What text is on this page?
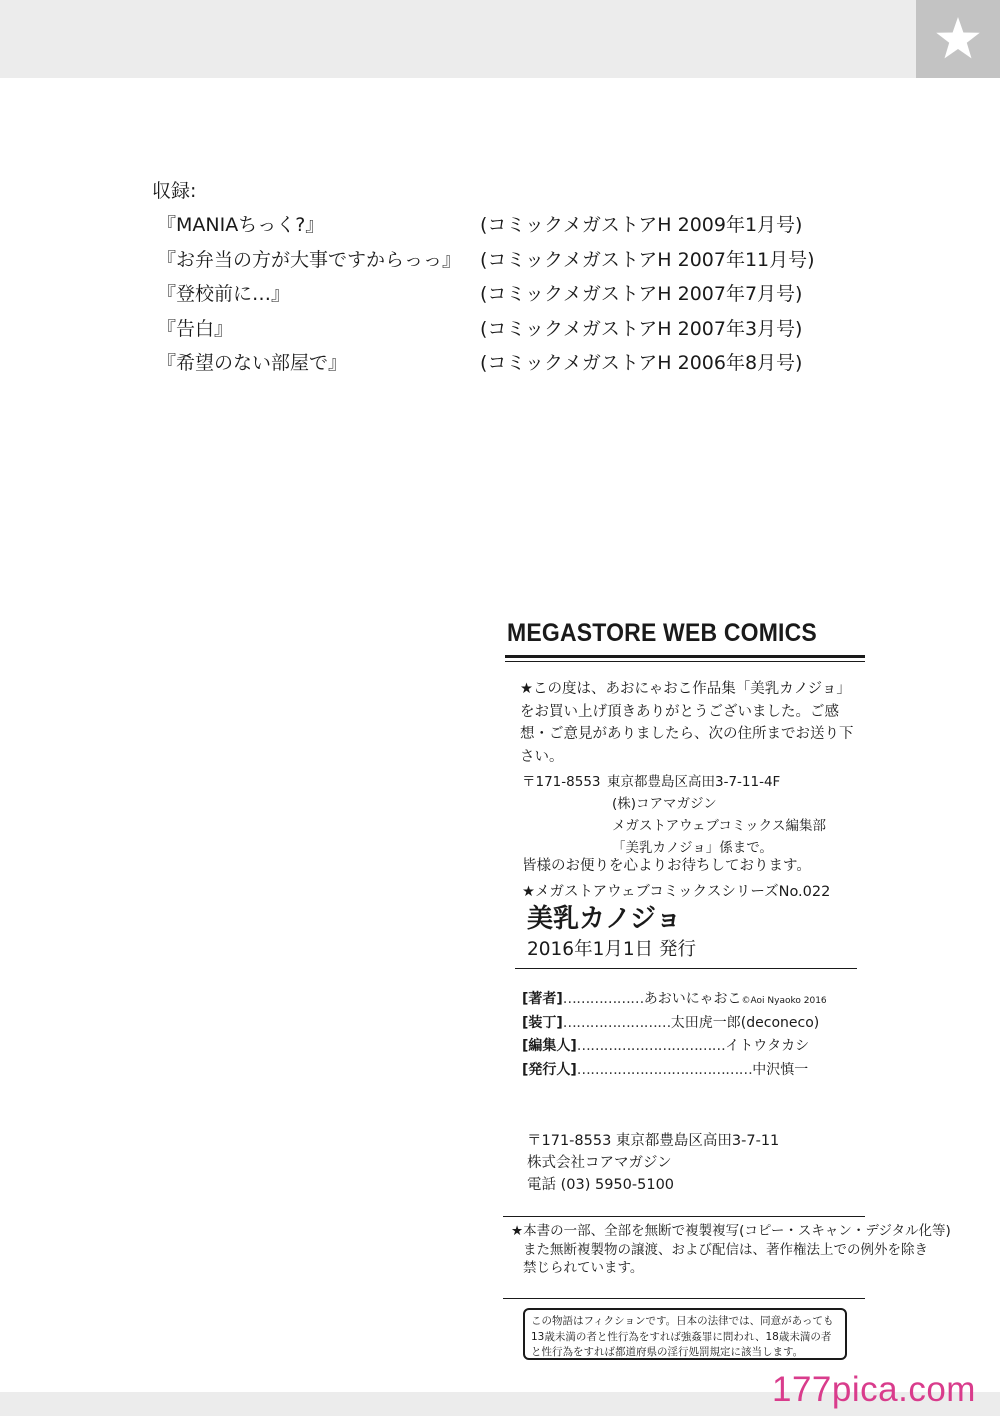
収録:
『MANIAちっく?』	(コミックメガストアH 2009年1月号)
『お弁当の方が大事ですからっっ』 (コミックメガストアH 2007年11月号)
『登校前に…』	(コミックメガストアH 2007年7月号)
『告白』	(コミックメガストアH 2007年3月号)
『希望のない部屋で』	(コミックメガストアH 2006年8月号)
MEGASTORE WEB COMICS
★この度は、あおにゃおこ作品集「美乳カノジョ」をお買い上げ頂きありがとうございました。ご感想・ご意見がありましたら、次の住所までお送り下さい。
〒171-8553 東京都豊島区高田3-7-11-4F
(株)コアマガジン
メガストアウェブコミックス編集部
「美乳カノジョ」係まで。
皆様のお便りを心よりお待ちしております。
★メガストアウェブコミックスシリーズNo.022
美乳カノジョ
2016年1月1日 発行
[著者]………………あおいにゃおこ©Aoi Nyaoko 2016
[装丁]……………………太田虎一郎(deconeco)
[編集人]……………………………イトウタカシ
[発行人]…………………………………中沢慎一
〒171-8553 東京都豊島区高田3-7-11
株式会社コアマガジン
電話 (03) 5950-5100
★本書の一部、全部を無断で複製複写(コピー・スキャン・デジタル化等)
また無断複製物の譲渡、および配信は、著作権法上での例外を除き
禁じられています。
この物語はフィクションです。日本の法律では、同意があっても13歳未満の者と性行為をすれば強姦罪に問われ、18歳未満の者と性行為をすれば都道府県の淫行処罰規定に該当します。
177pica.com
